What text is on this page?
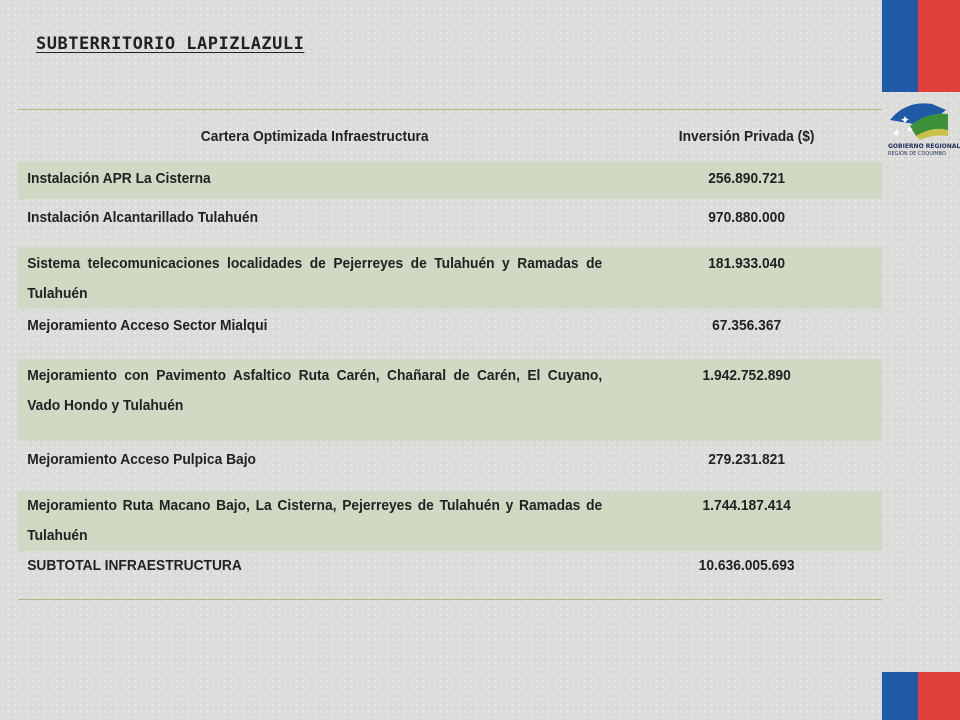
✦
★ ★
GOBIERNO REGIONAL
REGIÓN DE COQUIMBO
SUBTERRITORIO LAPIZLAZULI
Cartera Optimizada Infraestructura	Inversión Privada ($)
Instalación APR La Cisterna	256.890.721
Instalación Alcantarillado Tulahuén	970.880.000
Sistema telecomunicaciones localidades de Pejerreyes de Tulahuén y Ramadas de Tulahuén	181.933.040
Mejoramiento Acceso Sector Mialqui	67.356.367
Mejoramiento con Pavimento Asfaltico Ruta Carén, Chañaral de Carén, El Cuyano, Vado Hondo y Tulahuén	1.942.752.890
Mejoramiento Acceso Pulpica Bajo	279.231.821
Mejoramiento Ruta Macano Bajo, La Cisterna, Pejerreyes de Tulahuén y Ramadas de Tulahuén	1.744.187.414
SUBTOTAL INFRAESTRUCTURA	10.636.005.693
